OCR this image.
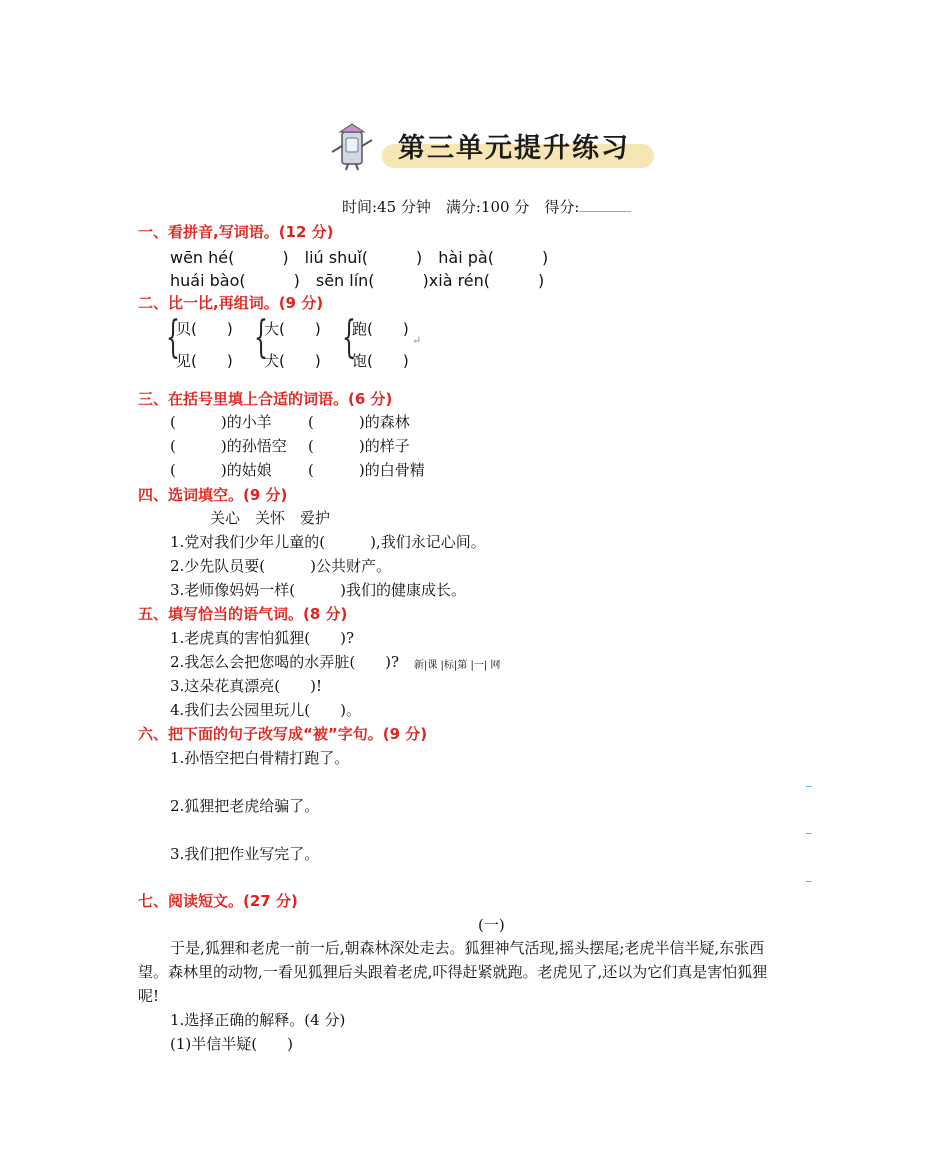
第三单元提升练习
时间:45 分钟　满分:100 分　得分:
一、看拼音,写词语。(12 分)
wēn hé(　　　)　liú shuǐ(　　　)　hài pà(　　　)
huái bào(　　　)　sēn lín(　　　)xià rén(　　　)
二、比一比,再组词。(9 分)
{
贝(　　)
见(　　) {
大(　　)
犬(　　) {
跑(　　)
饱(　　)
↵
三、在括号里填上合适的词语。(6 分)
(　　　)的小羊 (　　　)的森林
(　　　)的孙悟空 (　　　)的样子
(　　　)的姑娘 (　　　)的白骨精
四、选词填空。(9 分)
关心　关怀　爱护
1.党对我们少年儿童的(　　　),我们永记心间。
2.少先队员要(　　　)公共财产。
3.老师像妈妈一样(　　　)我们的健康成长。
五、填写恰当的语气词。(8 分)
1.老虎真的害怕狐狸(　　)?
2.我怎么会把您喝的水弄脏(　　)? 新|课 |标|第 |一| 网
3.这朵花真漂亮(　　)!
4.我们去公园里玩儿(　　)。
六、把下面的句子改写成“被”字句。(9 分)
1.孙悟空把白骨精打跑了。
2.狐狸把老虎给骗了。
3.我们把作业写完了。
七、阅读短文。(27 分)
(一)
于是,狐狸和老虎一前一后,朝森林深处走去。狐狸神气活现,摇头摆尾;老虎半信半疑,东张西
望。森林里的动物,一看见狐狸后头跟着老虎,吓得赶紧就跑。老虎见了,还以为它们真是害怕狐狸
呢!
1.选择正确的解释。(4 分)
(1)半信半疑(　　)
